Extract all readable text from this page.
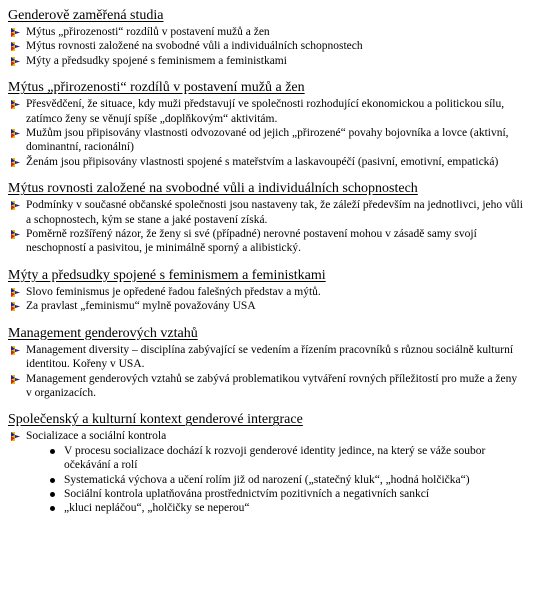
Genderově zaměřená studia
Mýtus „přirozenosti“ rozdílů v postavení mužů a žen
Mýtus rovnosti založené na svobodné vůli a individuálních schopnostech
Mýty a předsudky spojené s feminismem a feministkami
Mýtus „přirozenosti“ rozdílů v postavení mužů a žen
Přesvědčení, že situace, kdy muži představují ve společnosti rozhodující ekonomickou a politickou sílu, zatímco ženy se věnují spíše „doplňkovým“ aktivitám.
Mužům jsou připisovány vlastnosti odvozované od jejich „přirozené“ povahy bojovníka a lovce (aktivní, dominantní, racionální)
Ženám jsou připisovány vlastnosti spojené s mateřstvím a laskavoupéčí (pasivní, emotivní, empatická)
Mýtus rovnosti založené na svobodné vůli a individuálních schopnostech
Podmínky v současné občanské společnosti jsou nastaveny tak, že záleží především na jednotlivci, jeho vůli a schopnostech, kým se stane a jaké postavení získá.
Poměrně rozšířený názor, že ženy si své (případné) nerovné postavení mohou v zásadě samy svojí neschopností a pasivitou, je minimálně sporný a alibistický.
Mýty a předsudky spojené s feminismem a feministkami
Slovo feminismus je opředené řadou falešných představ a mýtů.
Za pravlast „feminismu“ mylně považovány USA
Management genderových vztahů
Management diversity – disciplína zabývající se vedením a řízením pracovníků s různou sociálně kulturní identitou. Kořeny v USA.
Management genderových vztahů se zabývá problematikou vytváření rovných příležitostí pro muže a ženy v organizacích.
Společenský a kulturní kontext genderové intergrace
Socializace a sociální kontrola
V procesu socializace dochází k rozvoji genderové identity jedince, na který se váže soubor očekávání a rolí
Systematická výchova a učení rolím již od narození („statečný kluk“, „hodná holčička“)
Sociální kontrola uplatňována prostřednictvím pozitivních a negativních sankcí
„kluci nepláčou“, „holčičky se neperou“
